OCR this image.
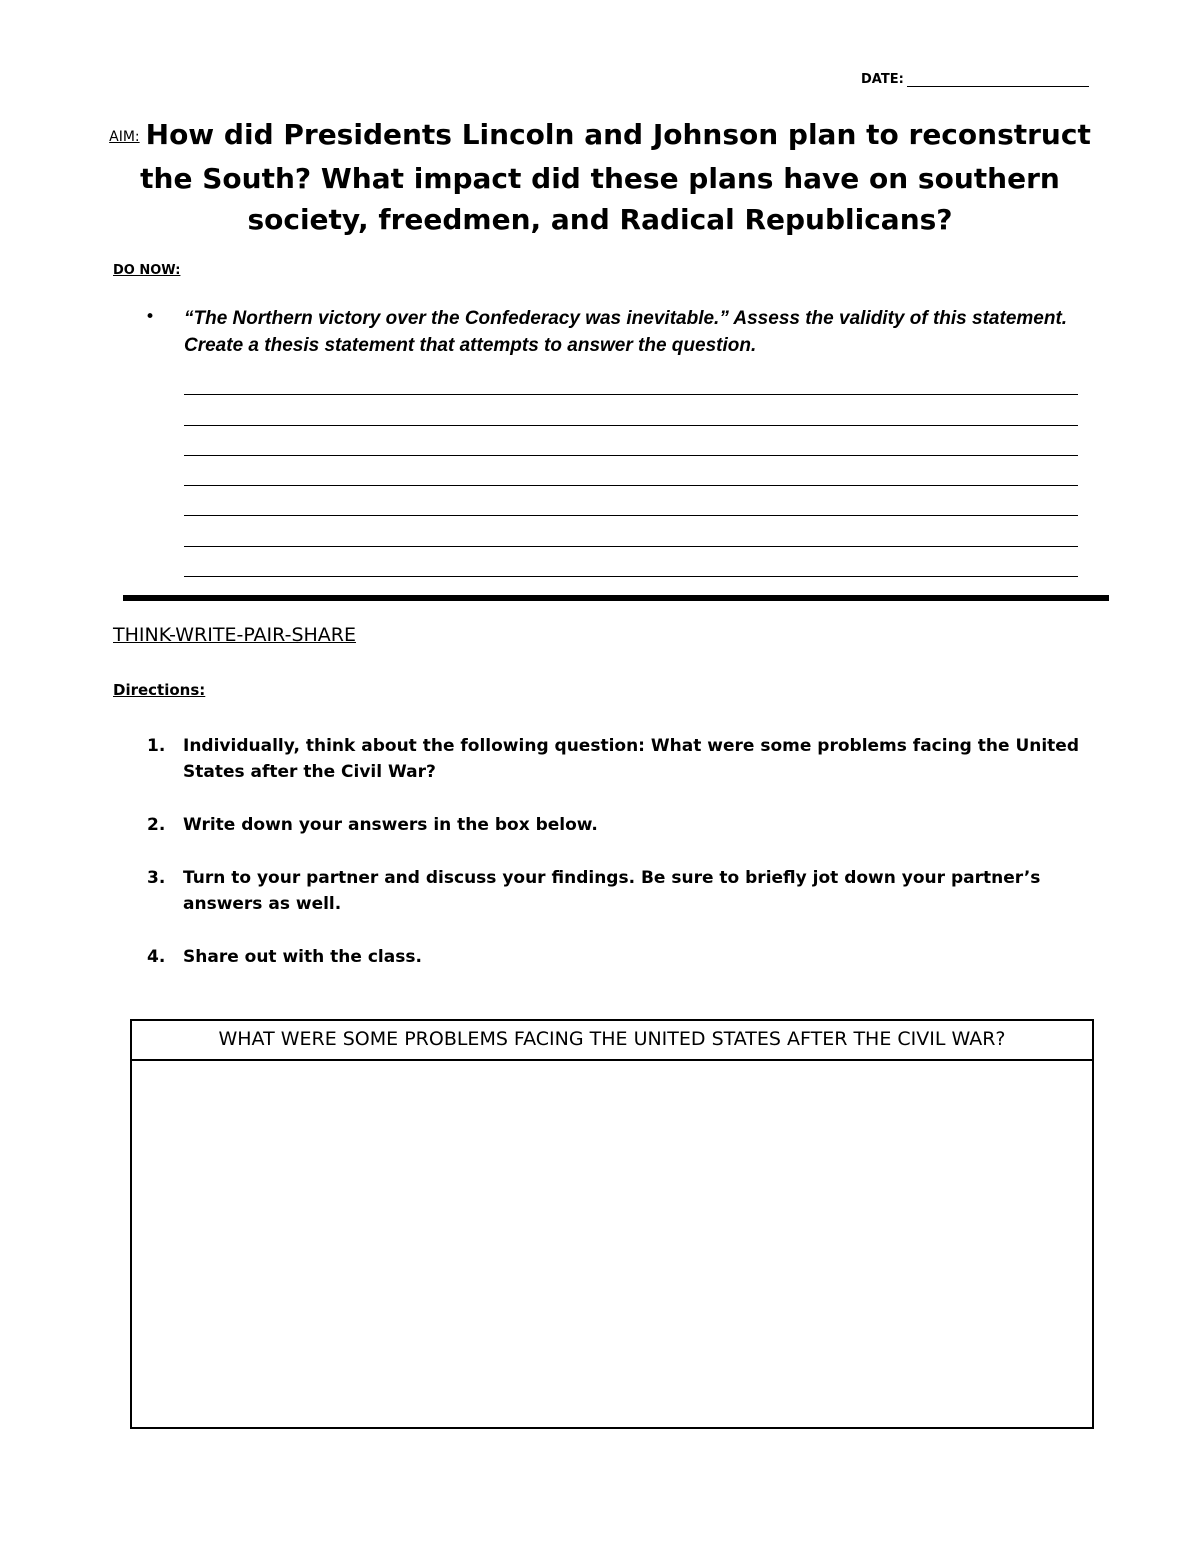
DATE:
AIM: How did Presidents Lincoln and Johnson plan to reconstruct the South? What impact did these plans have on southern society, freedmen, and Radical Republicans?
DO NOW:
• “The Northern victory over the Confederacy was inevitable.” Assess the validity of this statement. Create a thesis statement that attempts to answer the question.
THINK-WRITE-PAIR-SHARE
Directions:
1. Individually, think about the following question: What were some problems facing the United States after the Civil War?
2. Write down your answers in the box below.
3. Turn to your partner and discuss your findings. Be sure to briefly jot down your partner’s answers as well.
4. Share out with the class.
WHAT WERE SOME PROBLEMS FACING THE UNITED STATES AFTER THE CIVIL WAR?
